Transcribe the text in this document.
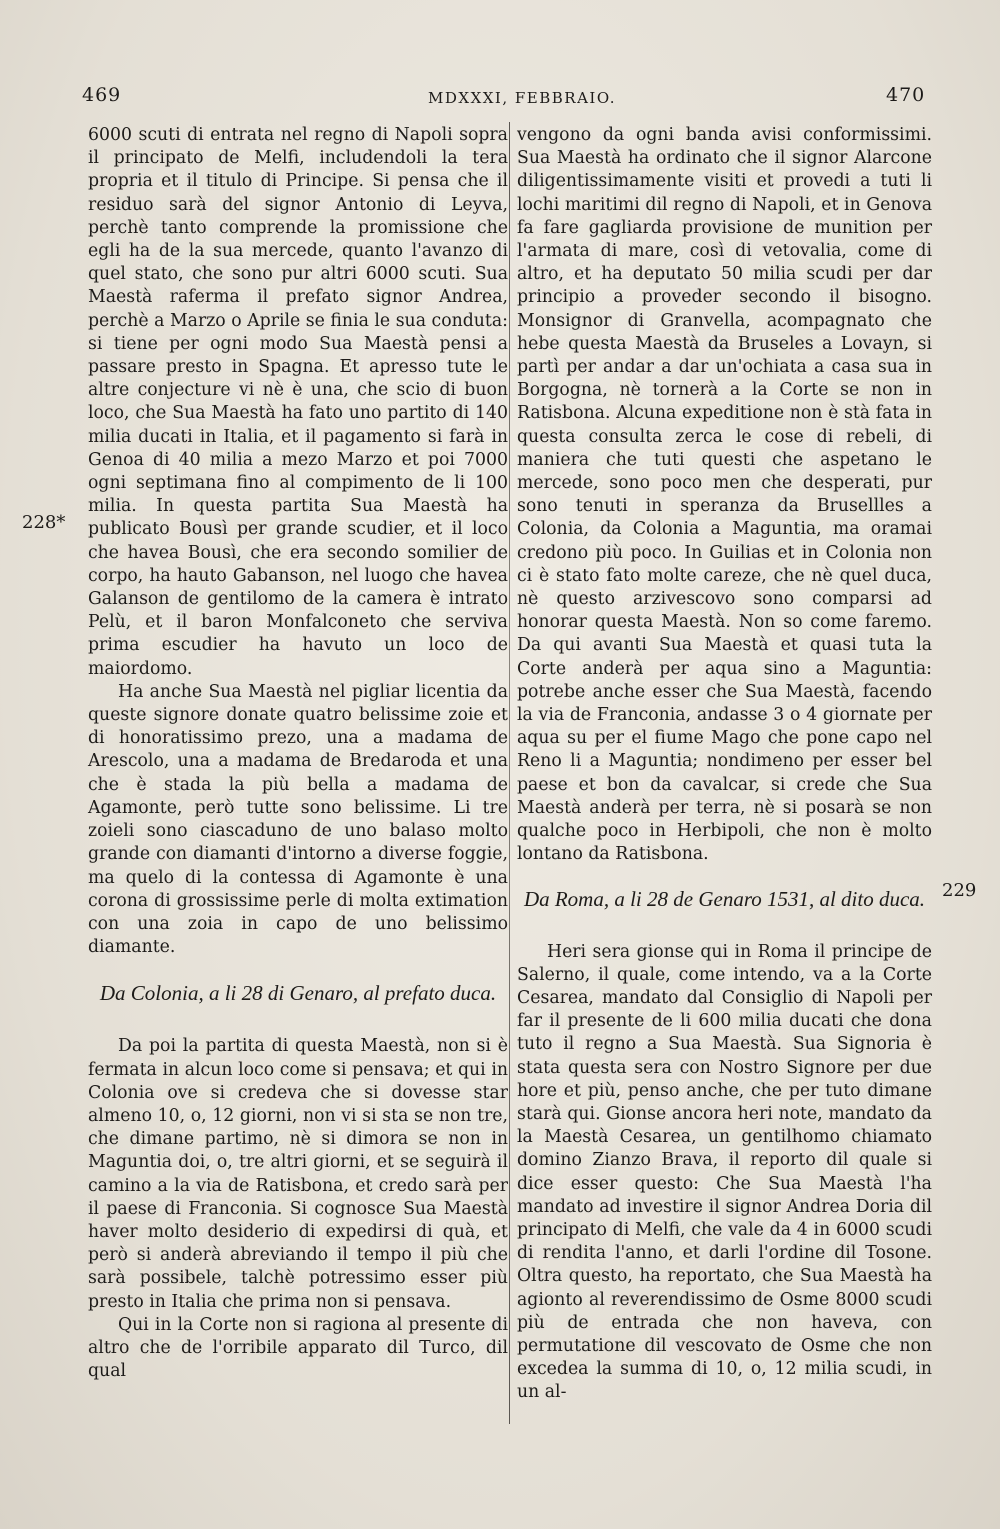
469	MDXXXI, FEBBRAIO.	470
228*
229

6000 scuti di entrata nel regno di Napoli sopra il principato de Melfi, includendoli la tera propria et il titulo di Principe. Si pensa che il residuo sarà del signor Antonio di Leyva, perchè tanto comprende la promissione che egli ha de la sua mercede, quanto l'avanzo di quel stato, che sono pur altri 6000 scuti. Sua Maestà raferma il prefato signor Andrea, perchè a Marzo o Aprile se finia le sua conduta: si tiene per ogni modo Sua Maestà pensi a passare presto in Spagna. Et apresso tute le altre conjecture vi nè è una, che scio di buon loco, che Sua Maestà ha fato uno partito di 140 milia ducati in Italia, et il pagamento si farà in Genoa di 40 milia a mezo Marzo et poi 7000 ogni septimana fino al compimento de li 100 milia. In questa partita Sua Maestà ha publicato Bousì per grande scudier, et il loco che havea Bousì, che era secondo somilier de corpo, ha hauto Gabanson, nel luogo che havea Galanson de gentilomo de la camera è intrato Pelù, et il baron Monfalconeto che serviva prima escudier ha havuto un loco de maiordomo.

Ha anche Sua Maestà nel pigliar licentia da queste signore donate quatro belissime zoie et di honoratissimo prezo, una a madama de Arescolo, una a madama de Bredaroda et una che è stada la più bella a madama de Agamonte, però tutte sono belissime. Li tre zoieli sono ciascaduno de uno balaso molto grande con diamanti d'intorno a diverse foggie, ma quelo di la contessa di Agamonte è una corona di grossissime perle di molta extimation con una zoia in capo de uno belissimo diamante.

Da Colonia, a li 28 di Genaro, al prefato duca.

Da poi la partita di questa Maestà, non si è fermata in alcun loco come si pensava; et qui in Colonia ove si credeva che si dovesse star almeno 10, o, 12 giorni, non vi si sta se non tre, che dimane partimo, nè si dimora se non in Maguntia doi, o, tre altri giorni, et se seguirà il camino a la via de Ratisbona, et credo sarà per il paese di Franconia. Si cognosce Sua Maestà haver molto desiderio di expedirsi di quà, et però si anderà abreviando il tempo il più che sarà possibele, talchè potressimo esser più presto in Italia che prima non si pensava.

Qui in la Corte non si ragiona al presente di altro che de l'orribile apparato dil Turco, dil qual

vengono da ogni banda avisi conformissimi. Sua Maestà ha ordinato che il signor Alarcone diligentissimamente visiti et provedi a tuti li lochi maritimi dil regno di Napoli, et in Genova fa fare gagliarda provisione de munition per l'armata di mare, così di vetovalia, come di altro, et ha deputato 50 milia scudi per dar principio a proveder secondo il bisogno. Monsignor di Granvella, acompagnato che hebe questa Maestà da Bruseles a Lovayn, si partì per andar a dar un'ochiata a casa sua in Borgogna, nè tornerà a la Corte se non in Ratisbona. Alcuna expeditione non è stà fata in questa consulta zerca le cose di rebeli, di maniera che tuti questi che aspetano le mercede, sono poco men che desperati, pur sono tenuti in speranza da Brusellles a Colonia, da Colonia a Maguntia, ma oramai credono più poco. In Guilias et in Colonia non ci è stato fato molte careze, che nè quel duca, nè questo arzivescovo sono comparsi ad honorar questa Maestà. Non so come faremo. Da qui avanti Sua Maestà et quasi tuta la Corte anderà per aqua sino a Maguntia: potrebe anche esser che Sua Maestà, facendo la via de Franconia, andasse 3 o 4 giornate per aqua su per el fiume Mago che pone capo nel Reno li a Maguntia; nondimeno per esser bel paese et bon da cavalcar, si crede che Sua Maestà anderà per terra, nè si posarà se non qualche poco in Herbipoli, che non è molto lontano da Ratisbona.

Da Roma, a li 28 de Genaro 1531, al dito duca.

Heri sera gionse qui in Roma il principe de Salerno, il quale, come intendo, va a la Corte Cesarea, mandato dal Consiglio di Napoli per far il presente de li 600 milia ducati che dona tuto il regno a Sua Maestà. Sua Signoria è stata questa sera con Nostro Signore per due hore et più, penso anche, che per tuto dimane starà qui. Gionse ancora heri note, mandato da la Maestà Cesarea, un gentilhomo chiamato domino Zianzo Brava, il reporto dil quale si dice esser questo: Che Sua Maestà l'ha mandato ad investire il signor Andrea Doria dil principato di Melfi, che vale da 4 in 6000 scudi di rendita l'anno, et darli l'ordine dil Tosone. Oltra questo, ha reportato, che Sua Maestà ha agionto al reverendissimo de Osme 8000 scudi più de entrada che non haveva, con permutatione dil vescovato de Osme che non excedea la summa di 10, o, 12 milia scudi, in un al-
